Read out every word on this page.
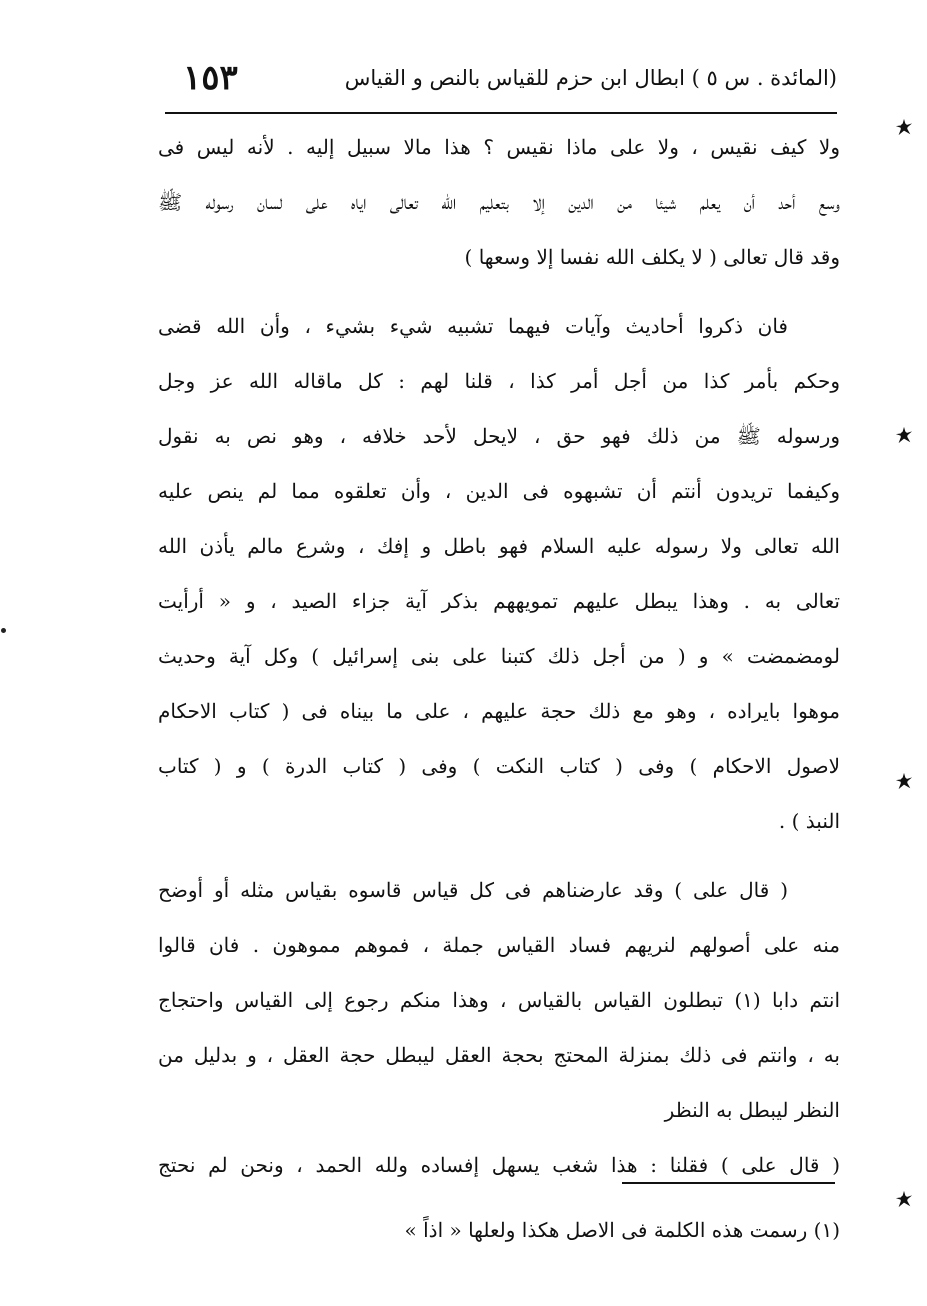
(المائدة . س ٥ ) ابطال ابن حزم للقياس بالنص و القياس
١٥٣
ولا كيف نقيس ، ولا على ماذا نقيس ؟ هذا مالا سبيل إليه . لأنه ليس فى
وسع أحد أن يعلم شيئا من الدين إلا بتعليم الله تعالى اياه على لسان رسوله ﷺ
وقد قال تعالى ( لا يكلف الله نفسا إلا وسعها )
فان ذكروا أحاديث وآيات فيهما تشبيه شيء بشيء ، وأن الله قضى
وحكم بأمر كذا من أجل أمر كذا ، قلنا لهم : كل ماقاله الله عز وجل
ورسوله ﷺ من ذلك فهو حق ، لايحل لأحد خلافه ، وهو نص به نقول
وكيفما تريدون أنتم أن تشبهوه فى الدين ، وأن تعلقوه مما لم ينص عليه
الله تعالى ولا رسوله عليه السلام فهو باطل و إفك ، وشرع مالم يأذن الله
تعالى به . وهذا يبطل عليهم تمويههم بذكر آية جزاء الصيد ، و « أرأيت
لومضمضت » و ( من أجل ذلك كتبنا على بنى إسرائيل ) وكل آية وحديث
موهوا بايراده ، وهو مع ذلك حجة عليهم ، على ما بيناه فى ( كتاب الاحكام
لاصول الاحكام ) وفى ( كتاب النكت ) وفى ( كتاب الدرة ) و ( كتاب
النبذ ) .
( قال على ) وقد عارضناهم فى كل قياس قاسوه بقياس مثله أو أوضح
منه على أصولهم لنريهم فساد القياس جملة ، فموهم مموهون . فان قالوا
انتم دابا (١) تبطلون القياس بالقياس ، وهذا منكم رجوع إلى القياس واحتجاج
به ، وانتم فى ذلك بمنزلة المحتج بحجة العقل ليبطل حجة العقل ، و بدليل من
النظر ليبطل به النظر
( قال على ) فقلنا : هذا شغب يسهل إفساده ولله الحمد ، ونحن لم نحتج
(١) رسمت هذه الكلمة فى الاصل هكذا ولعلها « اذاً »
